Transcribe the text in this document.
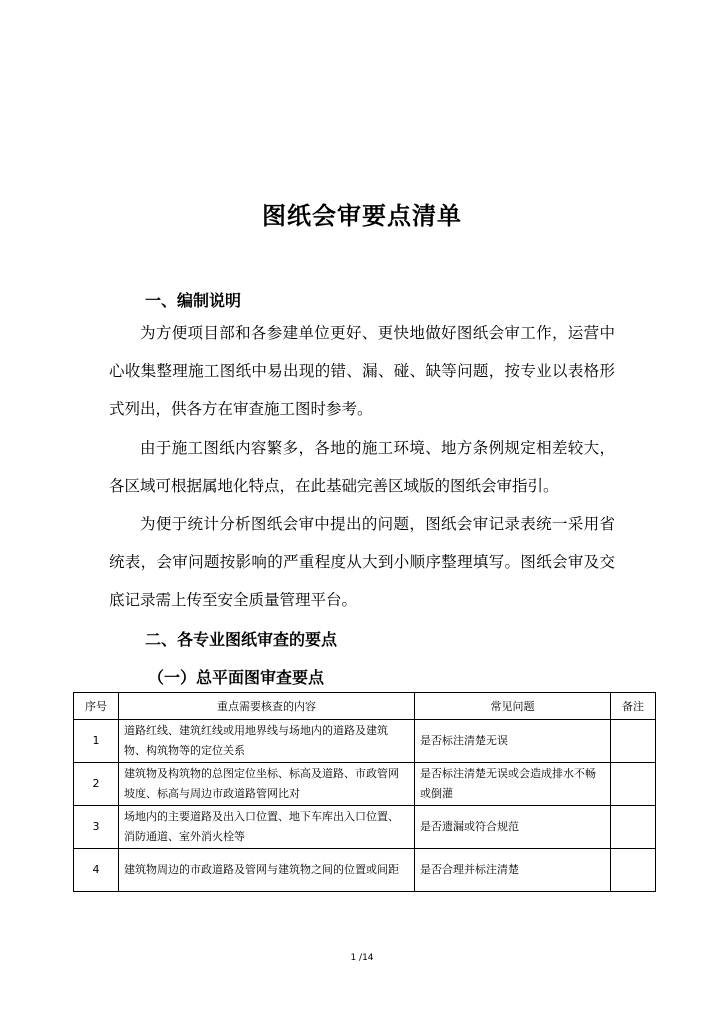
图纸会审要点清单
一、编制说明

为方便项目部和各参建单位更好、更快地做好图纸会审工作，运营中心收集整理施工图纸中易出现的错、漏、碰、缺等问题，按专业以表格形式列出，供各方在审查施工图时参考。

由于施工图纸内容繁多，各地的施工环境、地方条例规定相差较大，各区域可根据属地化特点，在此基础完善区域版的图纸会审指引。

为便于统计分析图纸会审中提出的问题，图纸会审记录表统一采用省统表，会审问题按影响的严重程度从大到小顺序整理填写。图纸会审及交底记录需上传至安全质量管理平台。

二、各专业图纸审查的要点
（一）总平面图审查要点
序号	重点需要核查的内容	常见问题	备注
1	道路红线、建筑红线或用地界线与场地内的道路及建筑物、构筑物等的定位关系	是否标注清楚无误	
2	建筑物及构筑物的总图定位坐标、标高及道路、市政管网坡度、标高与周边市政道路管网比对	是否标注清楚无误或会造成排水不畅或倒灌	
3	场地内的主要道路及出入口位置、地下车库出入口位置、消防通道、室外消火栓等	是否遗漏或符合规范	
4	建筑物周边的市政道路及管网与建筑物之间的位置或间距	是否合理并标注清楚	
1 /14
